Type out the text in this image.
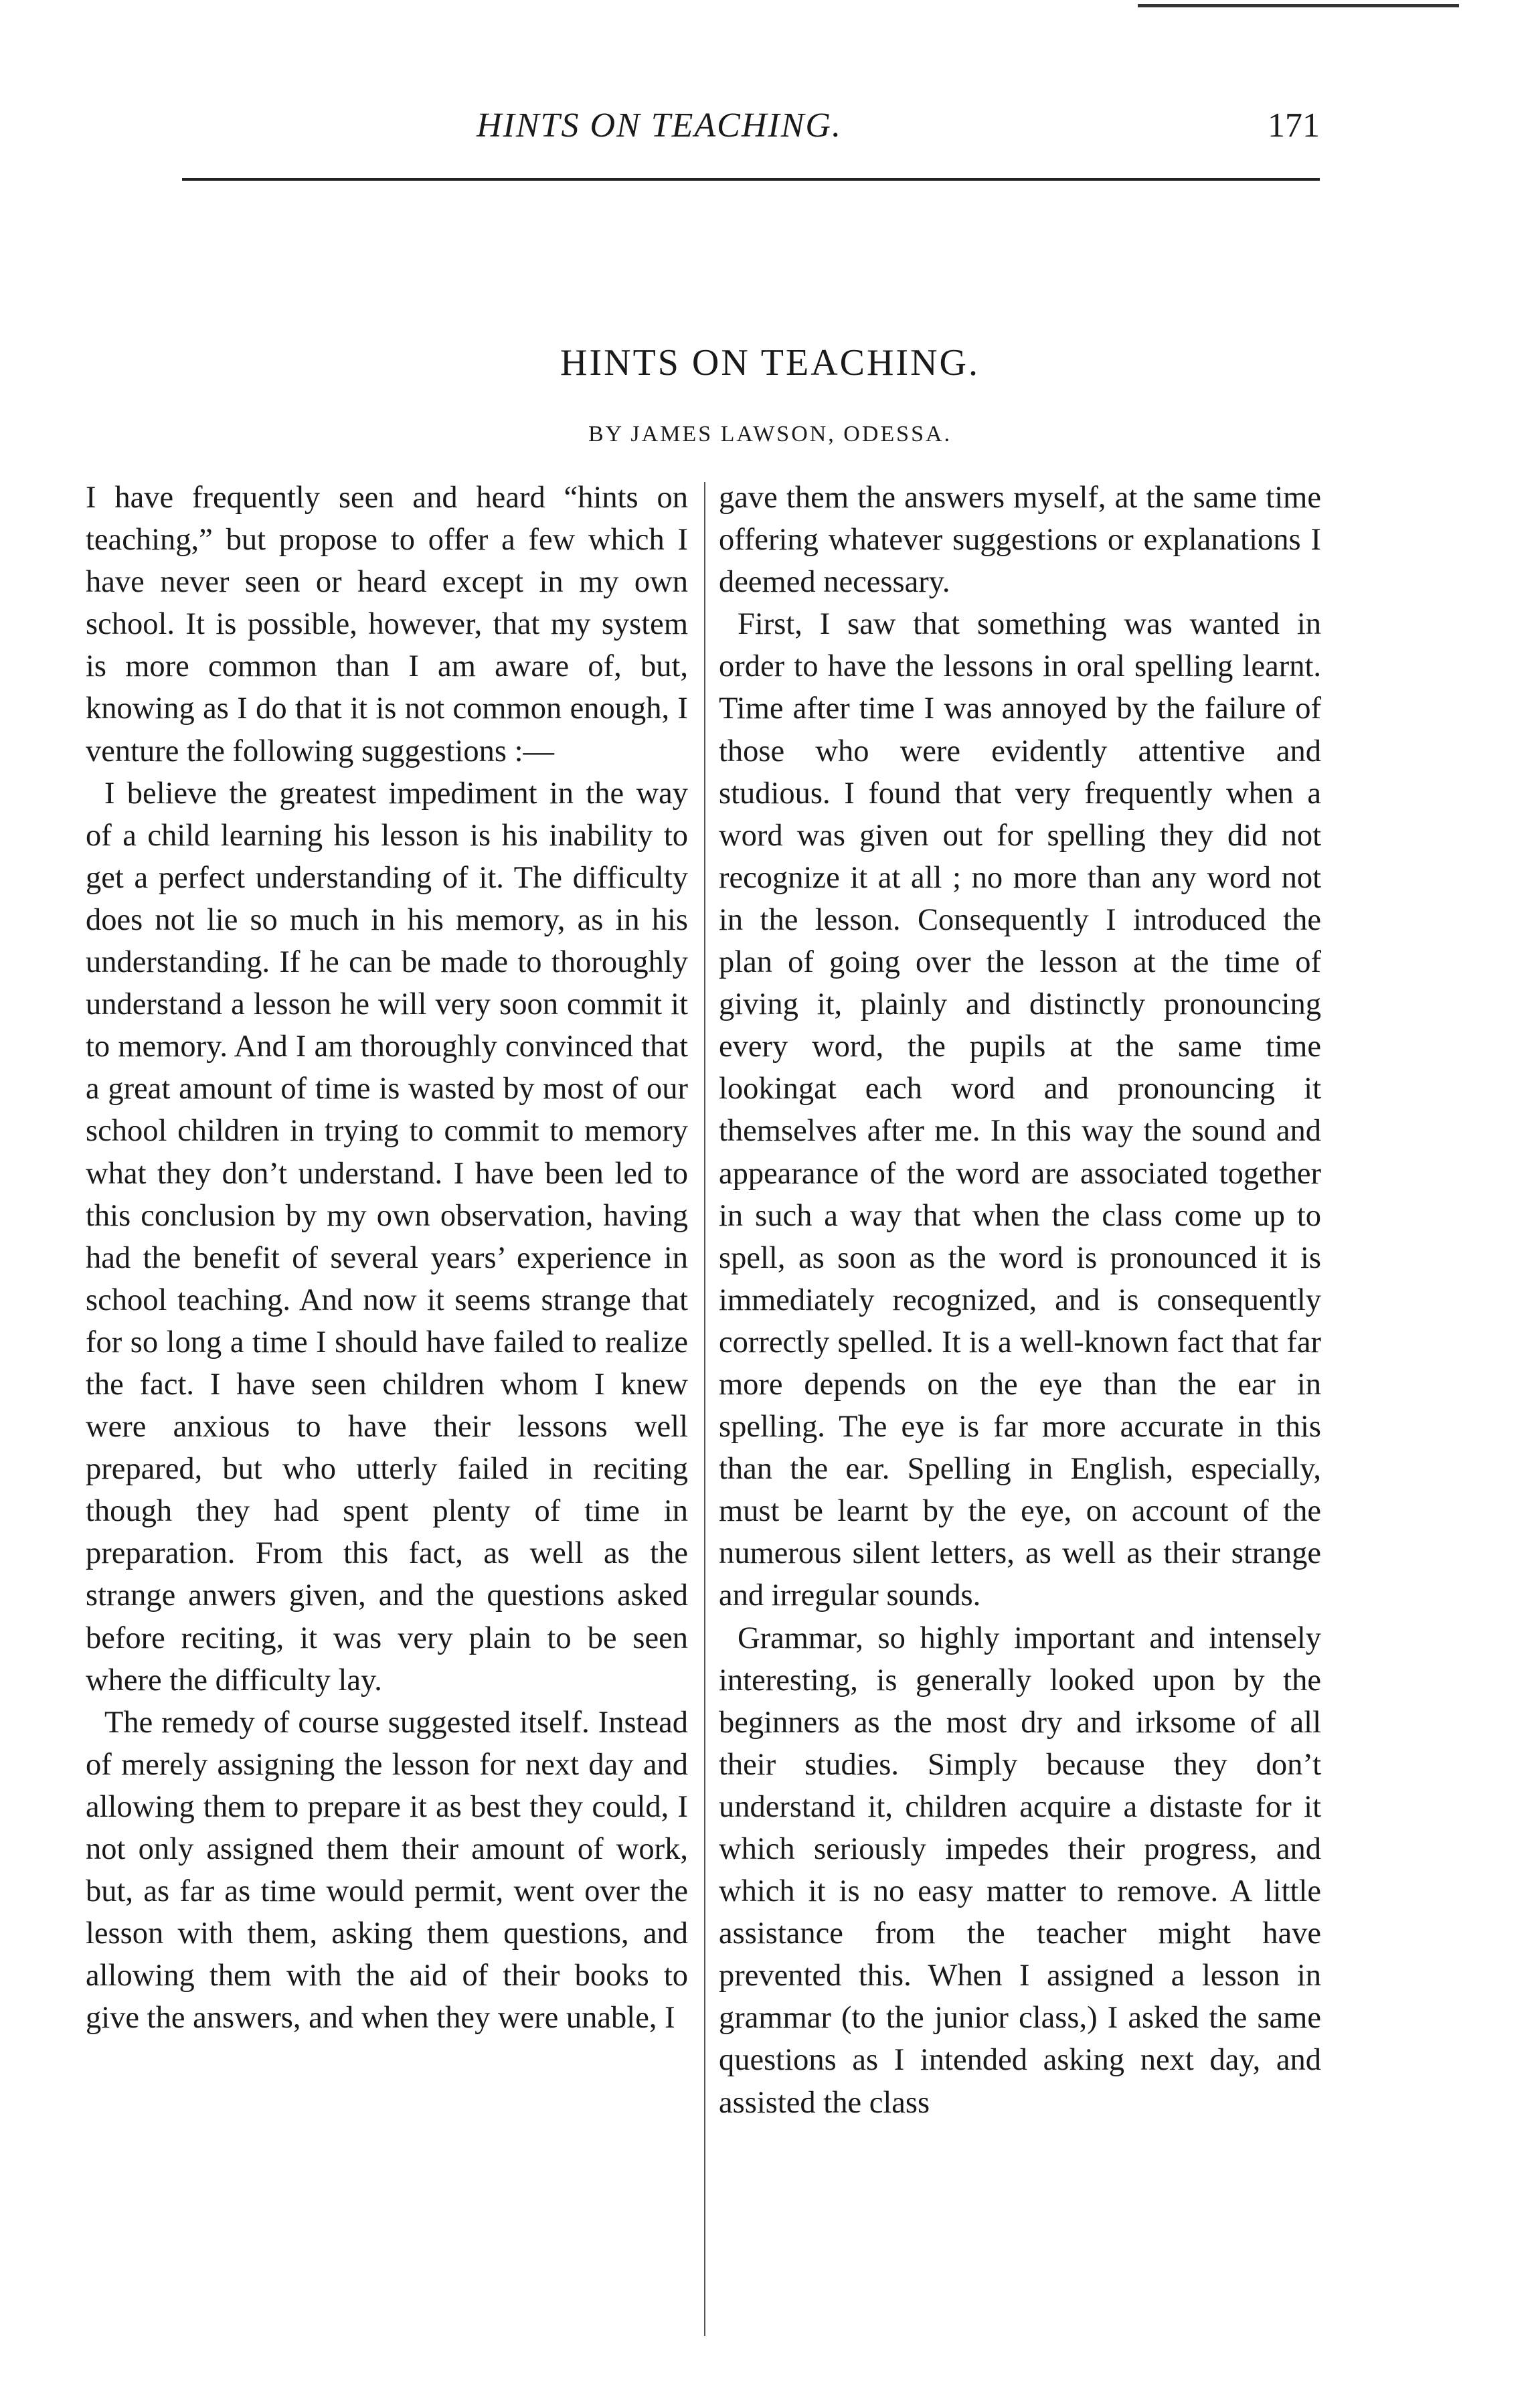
HINTS ON TEACHING.	171
HINTS ON TEACHING.
BY JAMES LAWSON, ODESSA.

I have frequently seen and heard “hints on teaching,” but propose to offer a few which I have never seen or heard except in my own school. It is possible, however, that my system is more common than I am aware of, but, knowing as I do that it is not common enough, I venture the following suggestions :—

I believe the greatest impediment in the way of a child learning his lesson is his inability to get a perfect understanding of it. The difficulty does not lie so much in his memory, as in his understanding. If he can be made to thoroughly understand a lesson he will very soon commit it to memory. And I am thoroughly convinced that a great amount of time is wasted by most of our school children in trying to commit to memory what they don’t understand. I have been led to this conclusion by my own observation, having had the benefit of several years’ experience in school teaching. And now it seems strange that for so long a time I should have failed to realize the fact. I have seen children whom I knew were anxious to have their lessons well prepared, but who utterly failed in reciting though they had spent plenty of time in preparation. From this fact, as well as the strange anwers given, and the questions asked before reciting, it was very plain to be seen where the difficulty lay.

The remedy of course suggested itself. Instead of merely assigning the lesson for next day and allowing them to prepare it as best they could, I not only assigned them their amount of work, but, as far as time would permit, went over the lesson with them, asking them questions, and allowing them with the aid of their books to give the answers, and when they were unable, I

gave them the answers myself, at the same time offering whatever suggestions or explanations I deemed necessary.

First, I saw that something was wanted in order to have the lessons in oral spelling learnt. Time after time I was annoyed by the failure of those who were evidently attentive and studious. I found that very frequently when a word was given out for spelling they did not recognize it at all ; no more than any word not in the lesson. Consequently I introduced the plan of going over the lesson at the time of giving it, plainly and distinctly pronouncing every word, the pupils at the same time lookingat each word and pronouncing it themselves after me. In this way the sound and appearance of the word are associated together in such a way that when the class come up to spell, as soon as the word is pronounced it is immediately recognized, and is consequently correctly spelled. It is a well-known fact that far more depends on the eye than the ear in spelling. The eye is far more accurate in this than the ear. Spelling in English, especially, must be learnt by the eye, on account of the numerous silent letters, as well as their strange and irregular sounds.

Grammar, so highly important and intensely interesting, is generally looked upon by the beginners as the most dry and irksome of all their studies. Simply because they don’t understand it, children acquire a distaste for it which seriously impedes their progress, and which it is no easy matter to remove. A little assistance from the teacher might have prevented this. When I assigned a lesson in grammar (to the junior class,) I asked the same questions as I intended asking next day, and assisted the class
